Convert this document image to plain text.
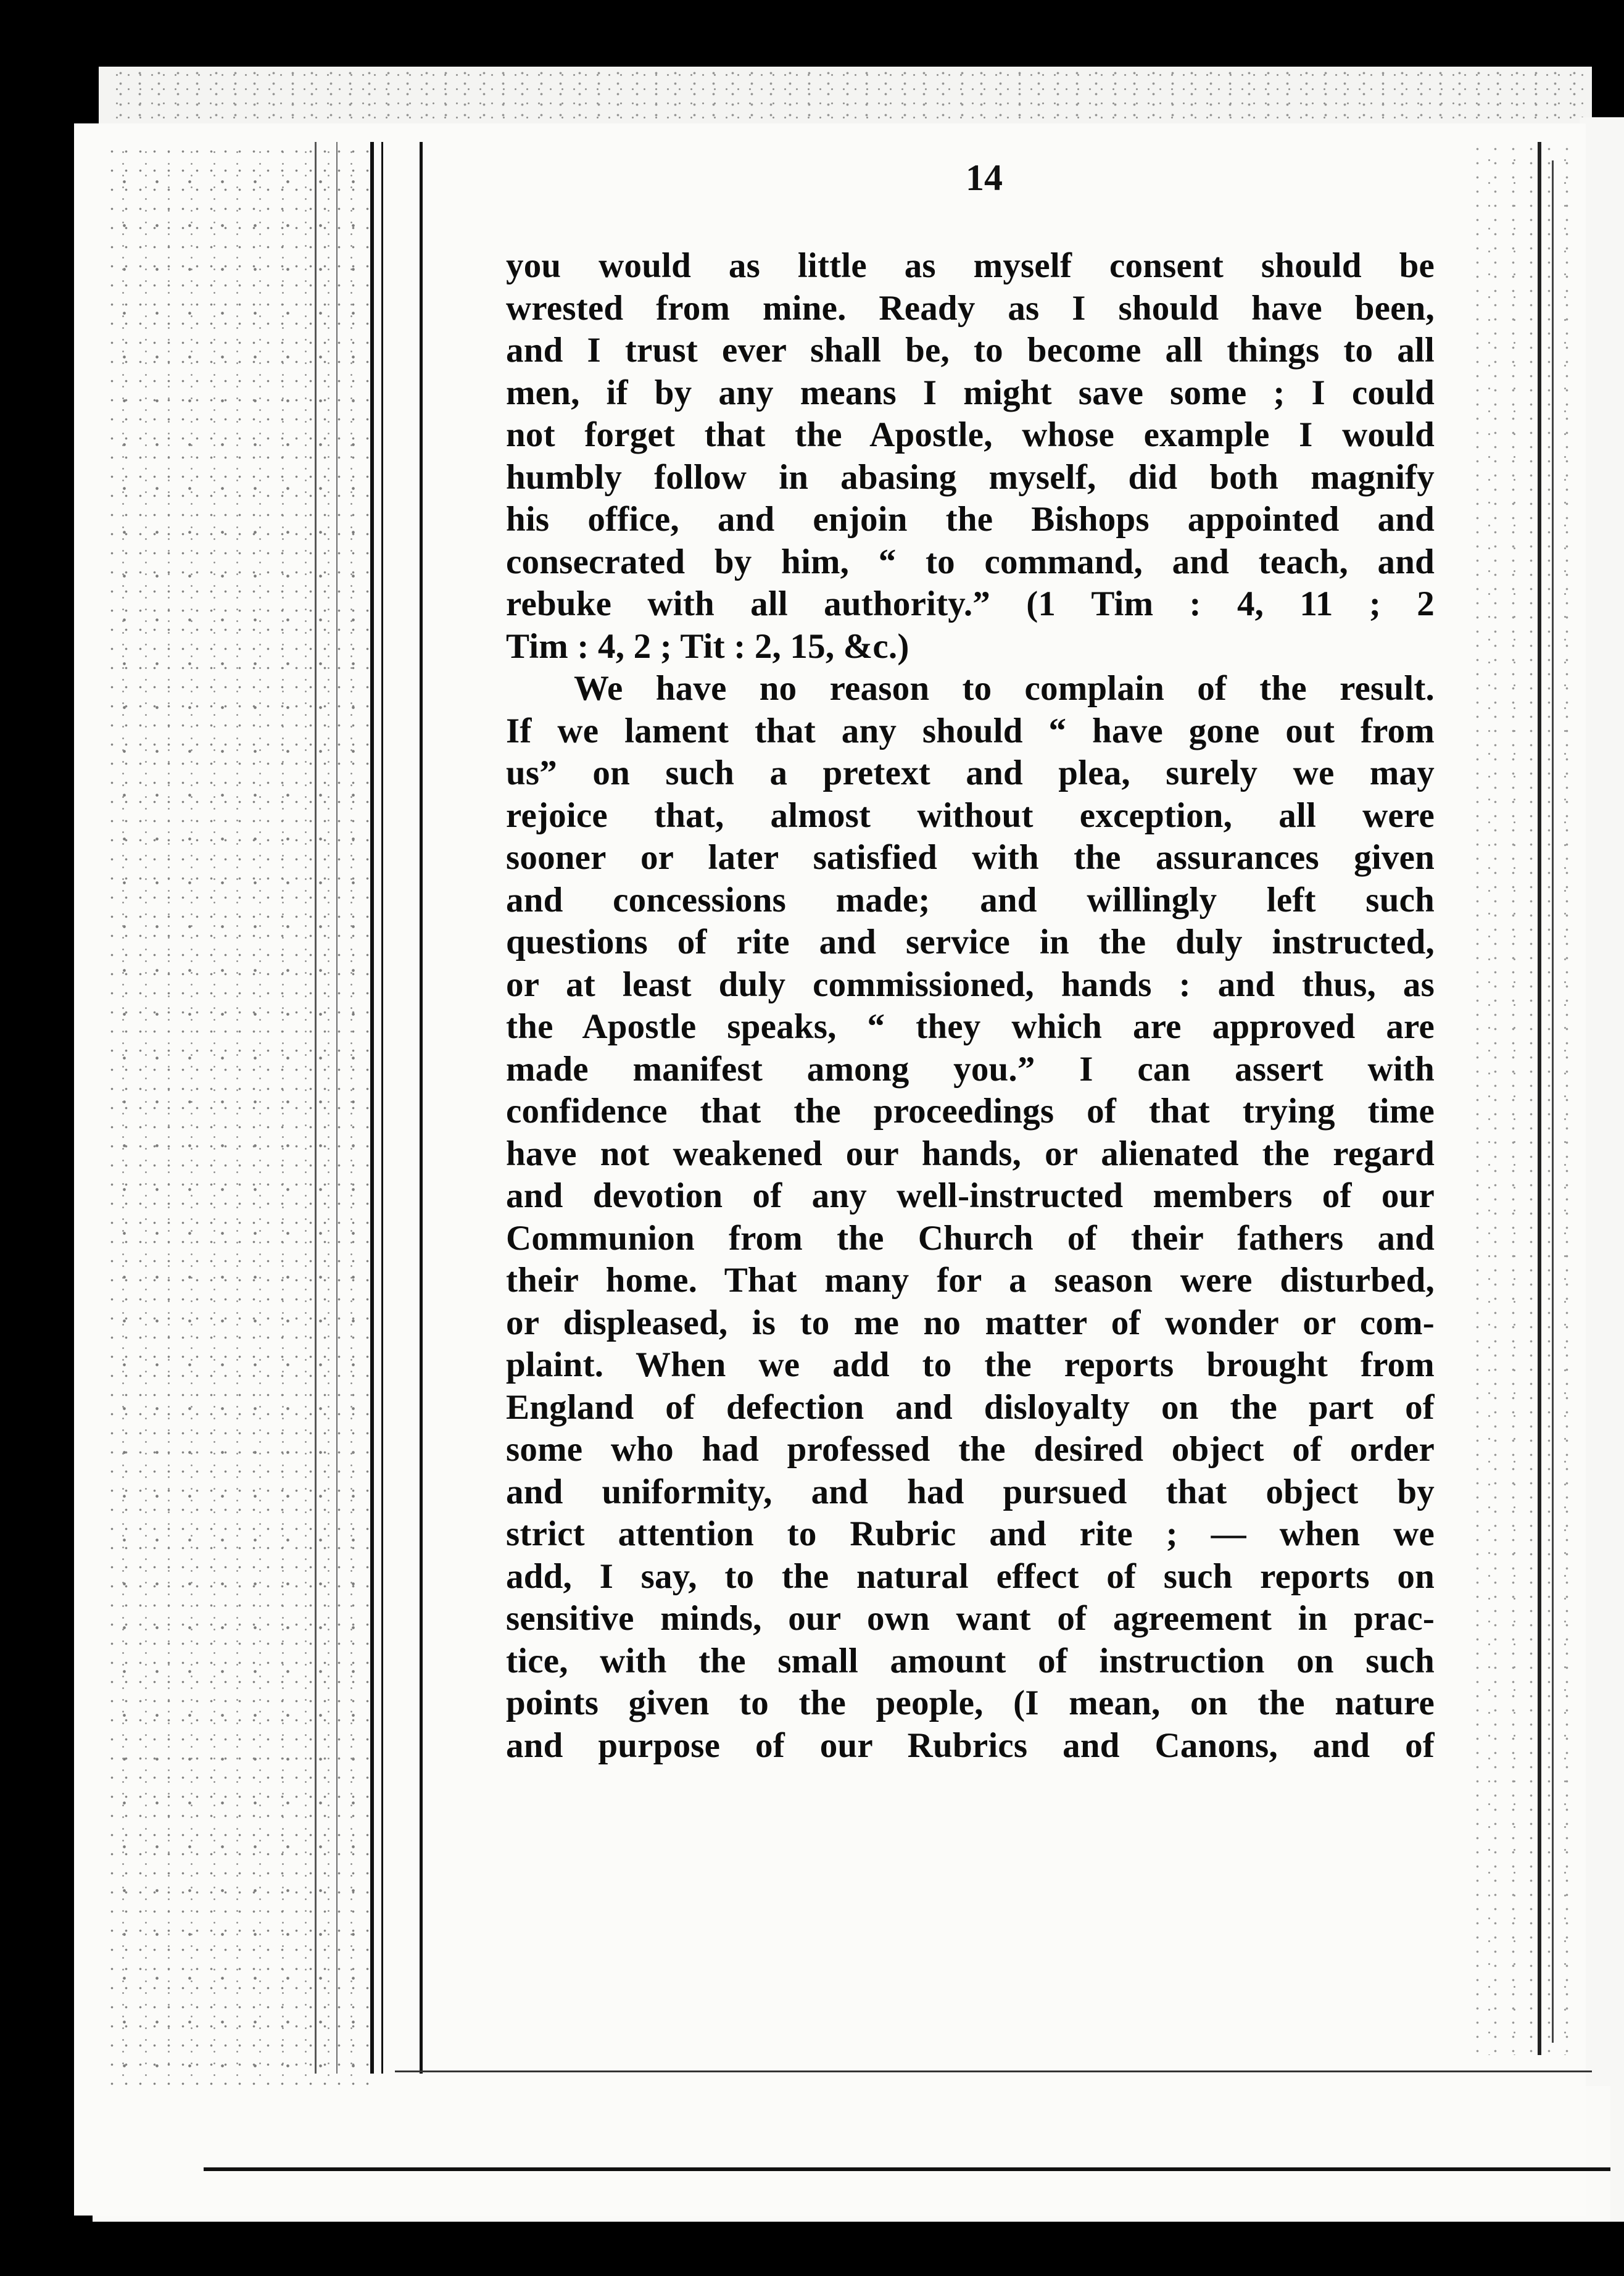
14
you would as little as myself consent should be
wrested from mine. Ready as I should have been,
and I trust ever shall be, to become all things to all
men, if by any means I might save some ; I could
not forget that the Apostle, whose example I would
humbly follow in abasing myself, did both magnify
his office, and enjoin the Bishops appointed and
consecrated by him, “ to command, and teach, and
rebuke with all authority.” (1 Tim : 4, 11 ; 2
Tim : 4, 2 ; Tit : 2, 15, &c.)
We have no reason to complain of the result.
If we lament that any should “ have gone out from
us” on such a pretext and plea, surely we may
rejoice that, almost without exception, all were
sooner or later satisfied with the assurances given
and concessions made; and willingly left such
questions of rite and service in the duly instructed,
or at least duly commissioned, hands : and thus, as
the Apostle speaks, “ they which are approved are
made manifest among you.” I can assert with
confidence that the proceedings of that trying time
have not weakened our hands, or alienated the regard
and devotion of any well-instructed members of our
Communion from the Church of their fathers and
their home. That many for a season were disturbed,
or displeased, is to me no matter of wonder or com-
plaint. When we add to the reports brought from
England of defection and disloyalty on the part of
some who had professed the desired object of order
and uniformity, and had pursued that object by
strict attention to Rubric and rite ; — when we
add, I say, to the natural effect of such reports on
sensitive minds, our own want of agreement in prac-
tice, with the small amount of instruction on such
points given to the people, (I mean, on the nature
and purpose of our Rubrics and Canons, and of
